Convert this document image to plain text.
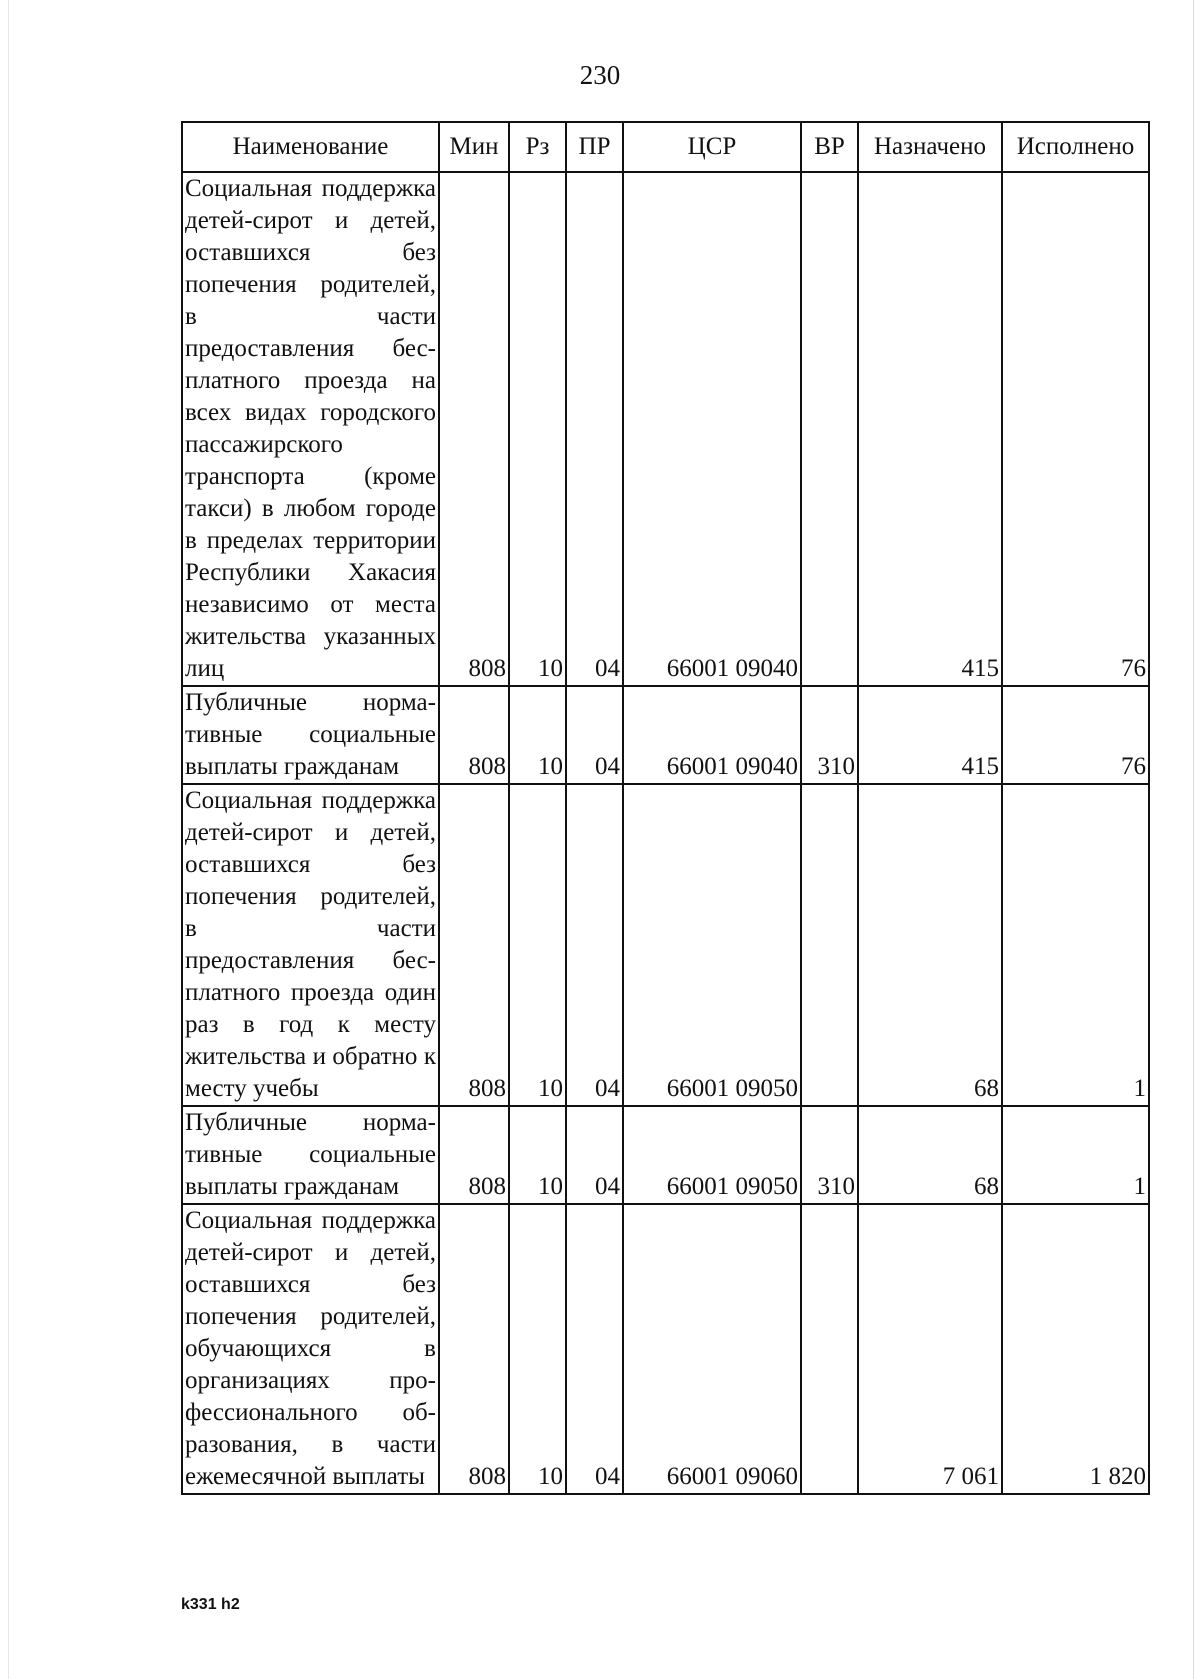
230
Наименование	Мин	Рз	ПР	ЦСР	ВР	Назначено	Исполнено
Социальная поддержка детей-сирот и детей, оставшихся без попечения родителей, в части предоставления бесплатного проезда на всех видах городского пассажирского транспорта (кроме такси) в любом городе в пределах территории Республики Хакасия независимо от места жительства указанных лиц	808	10	04	66001 09040		415	76
Публичные нормативные социальные выплаты гражданам	808	10	04	66001 09040	310	415	76
Социальная поддержка детей-сирот и детей, оставшихся без попечения родителей, в части предоставления бесплатного проезда один раз в год к месту жительства и обратно к месту учебы	808	10	04	66001 09050		68	1
Публичные нормативные социальные выплаты гражданам	808	10	04	66001 09050	310	68	1
Социальная поддержка детей-сирот и детей, оставшихся без попечения родителей, обучающихся в организациях профессионального образования, в части ежемесячной выплаты	808	10	04	66001 09060		7 061	1 820
k331 h2
